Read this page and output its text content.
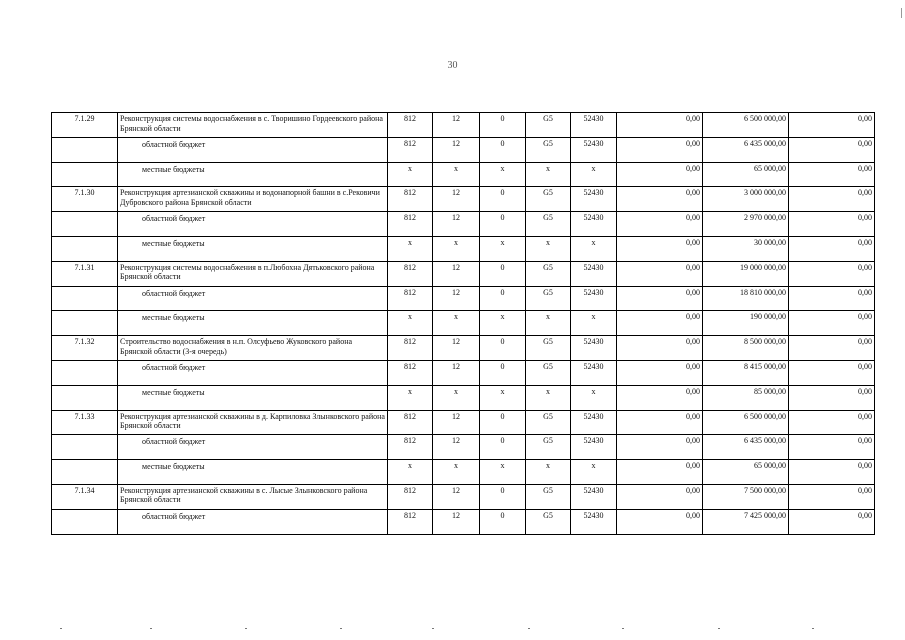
30
7.1.29	Реконструкция системы водоснабжения в с. Творишино Гордеевского района Брянской области	812	12	0	G5	52430	0,00	6 500 000,00	0,00
	областной бюджет	812	12	0	G5	52430	0,00	6 435 000,00	0,00
	местные бюджеты	х	х	х	х	х	0,00	65 000,00	0,00
7.1.30	Реконструкция артезианской скважины и водонапорной башни в с.Рековичи Дубровского района Брянской области	812	12	0	G5	52430	0,00	3 000 000,00	0,00
	областной бюджет	812	12	0	G5	52430	0,00	2 970 000,00	0,00
	местные бюджеты	х	х	х	х	х	0,00	30 000,00	0,00
7.1.31	Реконструкция системы водоснабжения в п.Любохна Дятьковского района Брянской области	812	12	0	G5	52430	0,00	19 000 000,00	0,00
	областной бюджет	812	12	0	G5	52430	0,00	18 810 000,00	0,00
	местные бюджеты	х	х	х	х	х	0,00	190 000,00	0,00
7.1.32	Строительство водоснабжения в н.п. Олсуфьево Жуковского района Брянской области (3-я очередь)	812	12	0	G5	52430	0,00	8 500 000,00	0,00
	областной бюджет	812	12	0	G5	52430	0,00	8 415 000,00	0,00
	местные бюджеты	х	х	х	х	х	0,00	85 000,00	0,00
7.1.33	Реконструкция артезианской скважины в д. Карпиловка Злынковского района Брянской области	812	12	0	G5	52430	0,00	6 500 000,00	0,00
	областной бюджет	812	12	0	G5	52430	0,00	6 435 000,00	0,00
	местные бюджеты	х	х	х	х	х	0,00	65 000,00	0,00
7.1.34	Реконструкция артезианской скважины в с. Лысые Злынковского района Брянской области	812	12	0	G5	52430	0,00	7 500 000,00	0,00
	областной бюджет	812	12	0	G5	52430	0,00	7 425 000,00	0,00
